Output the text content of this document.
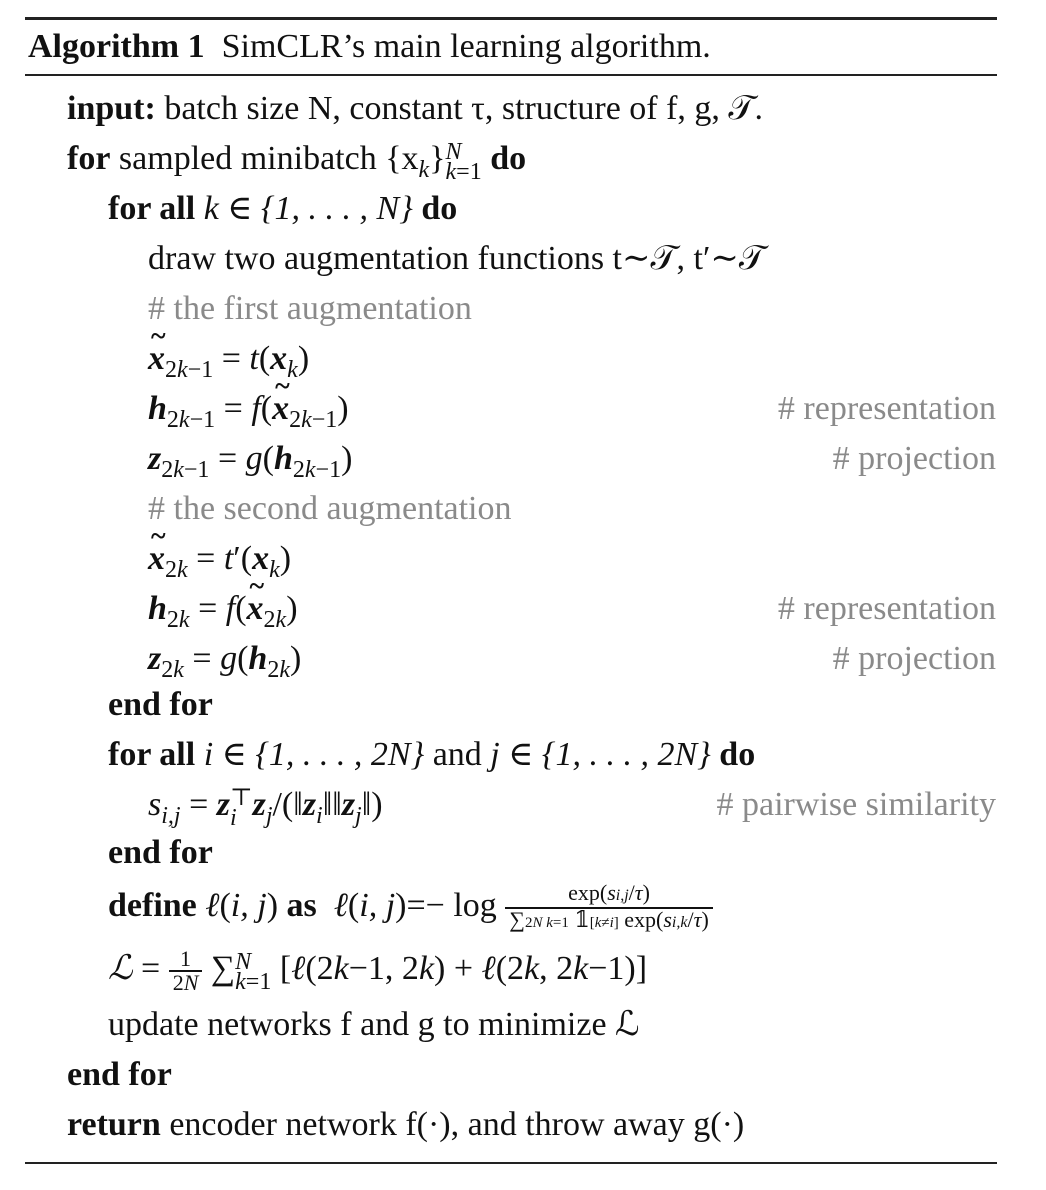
Algorithm 1 SimCLR’s main learning algorithm.
input: batch size N, constant τ, structure of f, g, 𝒯.
for sampled minibatch $\{x_k\}N$
k=1 do
for all k ∈ {1, . . . , N} do
draw two augmentation functions t∼𝒯, t′∼𝒯
# the first augmentation
~ $x_{2k-1} = t(x_k)$
$h_{2k-1}$ = f(~ $x_{2k-1}$)	# representation
$z_{2k-1} = g(h_{2k-1})$	# projection
# the second augmentation
~ $x_{2k} = t'(x_k)$
$h_{2k}$ = f(~ $x_{2k}$)	# representation
$z_{2k} = g(h_{2k})$	# projection
end for
for all i ∈ {1, . . . , 2N} and j ∈ {1, . . . , 2N} do
$s_{i,j}$ = z⊤
i $z_j/(‖z_i‖‖z_j‖)$	# pairwise similarity
end for
define ℓ(i, j) as ℓ(i, $j)=- \log \frac{\exp(si,j/\tau)}{\text{∑2N k=1 𝟙[k≠i] exp(si,k/τ)}}$
ℒ = $\frac{1}{2N} \sum N$
k=1 [ℓ(2k−1, 2k) + ℓ(2k, 2k−1)]
update networks f and g to minimize ℒ
end for
return encoder network f(·), and throw away g(·)
